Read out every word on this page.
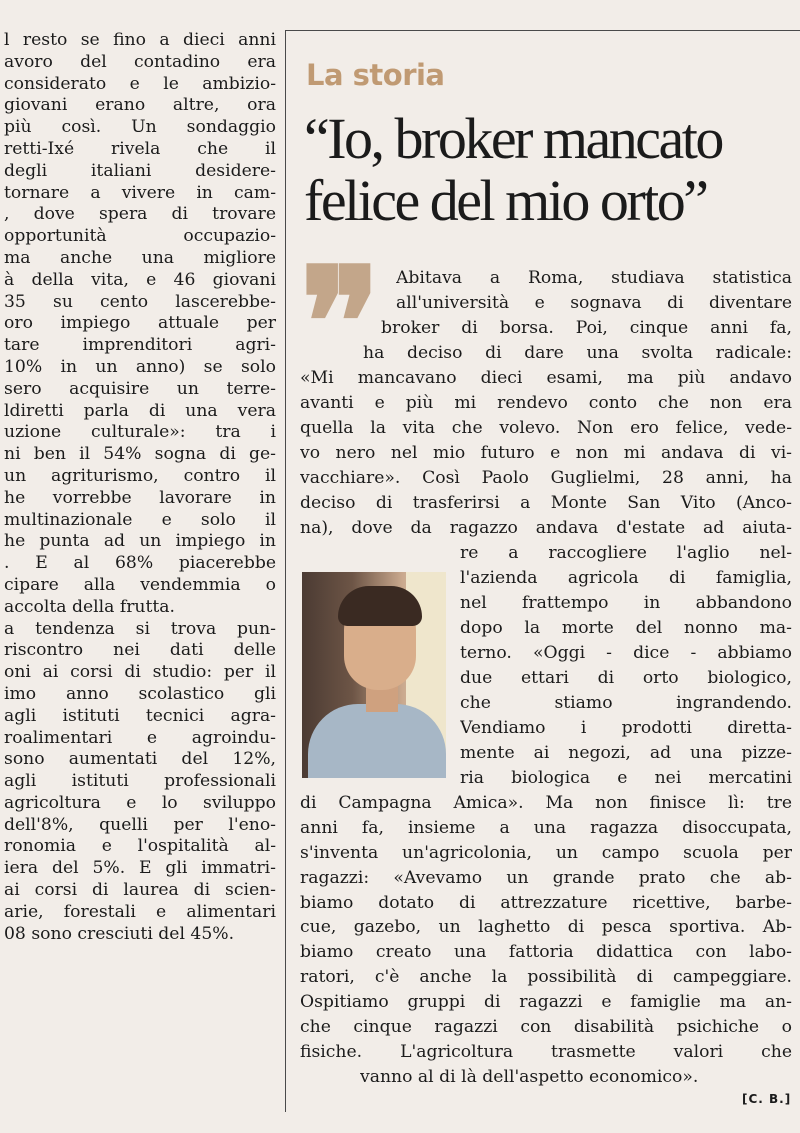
l resto se fino a dieci anni
avoro del contadino era
considerato e le ambizio-
giovani erano altre, ora
più così. Un sondaggio
retti-Ixé rivela che il
degli italiani desidere-
tornare a vivere in cam-
, dove spera di trovare
opportunità occupazio-
ma anche una migliore
à della vita, e 46 giovani
35 su cento lascerebbe-
oro impiego attuale per
tare imprenditori agri-
10% in un anno) se solo
sero acquisire un terre-
ldiretti parla di una vera
uzione culturale»: tra i
ni ben il 54% sogna di ge-
un agriturismo, contro il
he vorrebbe lavorare in
multinazionale e solo il
he punta ad un impiego in
. E al 68% piacerebbe
cipare alla vendemmia o
accolta della frutta.
a tendenza si trova pun-
riscontro nei dati delle
oni ai corsi di studio: per il
imo anno scolastico gli
agli istituti tecnici agra-
roalimentari e agroindu-
sono aumentati del 12%,
agli istituti professionali
agricoltura e lo sviluppo
dell'8%, quelli per l'eno-
ronomia e l'ospitalità al-
iera del 5%. E gli immatri-
ai corsi di laurea di scien-
arie, forestali e alimentari
08 sono cresciuti del 45%.
La storia
“Io, broker mancato
felice del mio orto”
❞	Abitava a Roma, studiava statistica
all'università e sognava di diventare
broker di borsa. Poi, cinque anni fa,
ha deciso di dare una svolta radicale:
«Mi mancavano dieci esami, ma più andavo
avanti e più mi rendevo conto che non era
quella la vita che volevo. Non ero felice, vede-
vo nero nel mio futuro e non mi andava di vi-
vacchiare». Così Paolo Guglielmi, 28 anni, ha
deciso di trasferirsi a Monte San Vito (Anco-
na), dove da ragazzo andava d'estate ad aiuta-
re a raccogliere l'aglio nel-
l'azienda agricola di famiglia,
nel frattempo in abbandono
dopo la morte del nonno ma-
terno. «Oggi - dice - abbiamo
due ettari di orto biologico,
che stiamo ingrandendo.
Vendiamo i prodotti diretta-
mente ai negozi, ad una pizze-
ria biologica e nei mercatini
di Campagna Amica». Ma non finisce lì: tre
anni fa, insieme a una ragazza disoccupata,
s'inventa un'agricolonia, un campo scuola per
ragazzi: «Avevamo un grande prato che ab-
biamo dotato di attrezzature ricettive, barbe-
cue, gazebo, un laghetto di pesca sportiva. Ab-
biamo creato una fattoria didattica con labo-
ratori, c'è anche la possibilità di campeggiare.
Ospitiamo gruppi di ragazzi e famiglie ma an-
che cinque ragazzi con disabilità psichiche o
fisiche. L'agricoltura trasmette valori che
vanno al di là dell'aspetto economico».
[C. B.]
